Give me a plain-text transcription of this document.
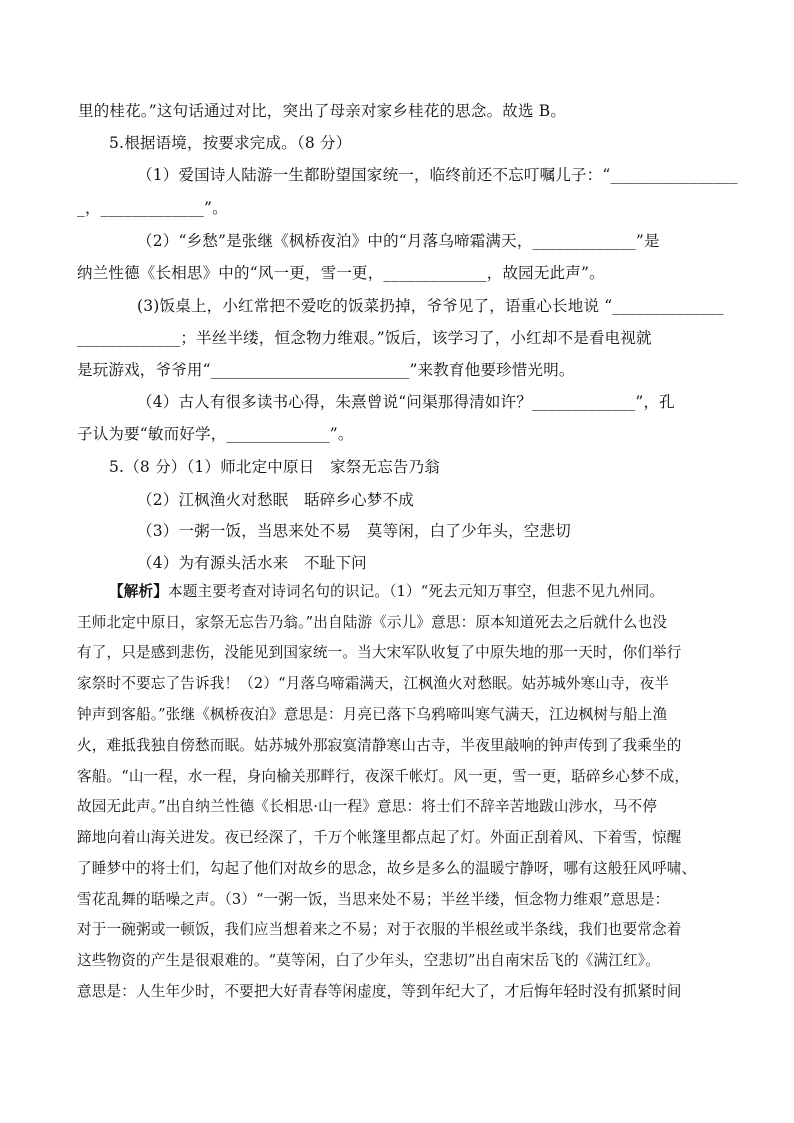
里的桂花。”这句话通过对比，突出了母亲对家乡桂花的思念。故选 B。
5.根据语境，按要求完成。（8 分）
（1）爱国诗人陆游一生都盼望国家统一，临终前还不忘叮嘱儿子：“________________
_，_____________”。
（2）“乡愁”是张继《枫桥夜泊》中的“月落乌啼霜满天，_____________”是
纳兰性德《长相思》中的“风一更，雪一更，_____________，故园无此声”。
(3)饭桌上，小红常把不爱吃的饭菜扔掉，爷爷见了，语重心长地说 “______________
_____________；半丝半缕，恒念物力维艰。”饭后，该学习了，小红却不是看电视就
是玩游戏，爷爷用“_________________________”来教育他要珍惜光明。
（4）古人有很多读书心得，朱熹曾说“问渠那得清如许？_____________”，孔
子认为要“敏而好学，_____________”。
5.（8 分）（1）师北定中原日　家祭无忘告乃翁
（2）江枫渔火对愁眠　聒碎乡心梦不成
（3）一粥一饭，当思来处不易　莫等闲，白了少年头，空悲切
（4）为有源头活水来　不耻下问
【解析】本题主要考查对诗词名句的识记。（1）“死去元知万事空，但悲不见九州同。
王师北定中原日，家祭无忘告乃翁。”出自陆游《示儿》意思：原本知道死去之后就什么也没
有了，只是感到悲伤，没能见到国家统一。当大宋军队收复了中原失地的那一天时，你们举行
家祭时不要忘了告诉我！（2）“月落乌啼霜满天，江枫渔火对愁眠。姑苏城外寒山寺，夜半
钟声到客船。”张继《枫桥夜泊》意思是：月亮已落下乌鸦啼叫寒气满天，江边枫树与船上渔
火，难抵我独自傍愁而眠。姑苏城外那寂寞清静寒山古寺，半夜里敲响的钟声传到了我乘坐的
客船。“山一程，水一程，身向榆关那畔行，夜深千帐灯。风一更，雪一更，聒碎乡心梦不成，
故园无此声。”出自纳兰性德《长相思·山一程》意思：将士们不辞辛苦地跋山涉水，马不停
蹄地向着山海关进发。夜已经深了，千万个帐篷里都点起了灯。外面正刮着风、下着雪，惊醒
了睡梦中的将士们，勾起了他们对故乡的思念，故乡是多么的温暖宁静呀，哪有这般狂风呼啸、
雪花乱舞的聒噪之声。（3）“一粥一饭，当思来处不易；半丝半缕，恒念物力维艰”意思是：
对于一碗粥或一顿饭，我们应当想着来之不易；对于衣服的半根丝或半条线，我们也要常念着
这些物资的产生是很艰难的。“莫等闲，白了少年头，空悲切”出自南宋岳飞的《满江红》。
意思是：人生年少时，不要把大好青春等闲虚度，等到年纪大了，才后悔年轻时没有抓紧时间
